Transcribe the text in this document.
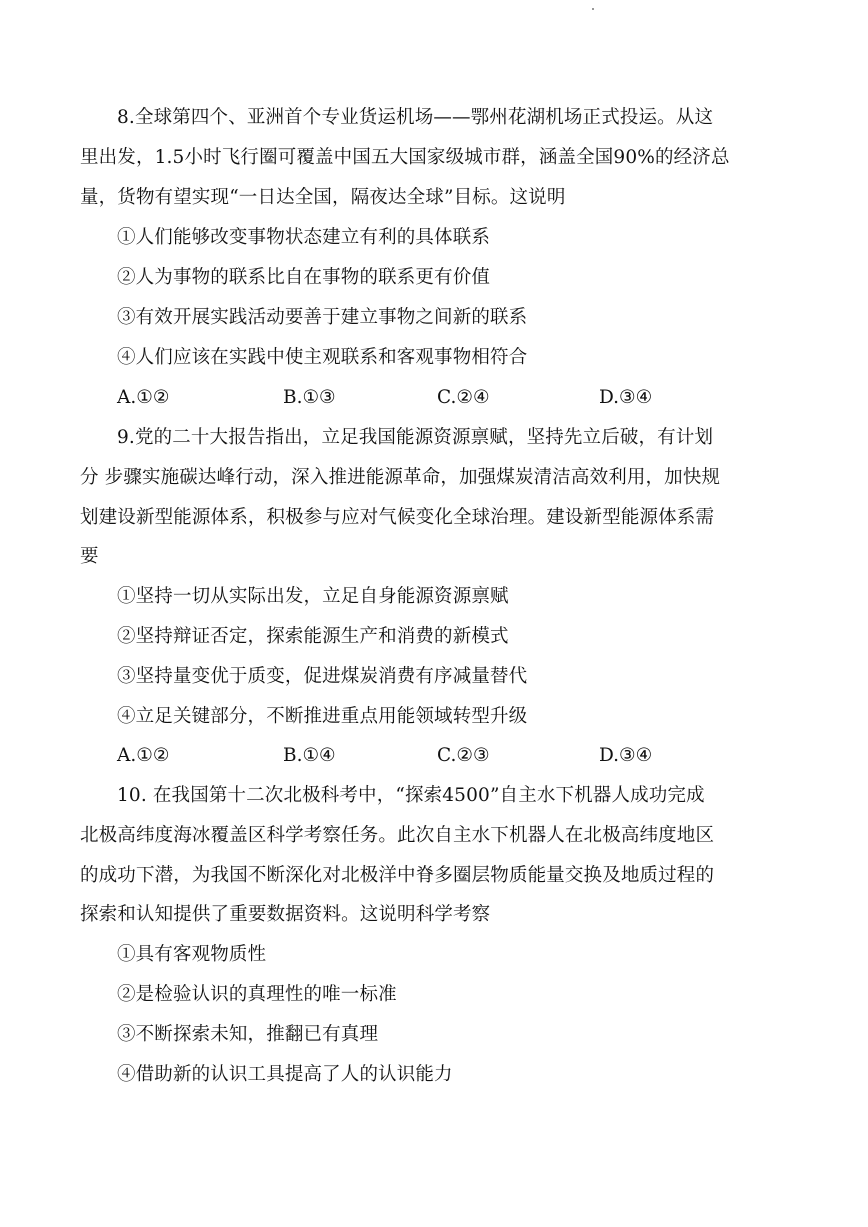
8.全球第四个、亚洲首个专业货运机场——鄂州花湖机场正式投运。从这
里出发，1.5小时飞行圈可覆盖中国五大国家级城市群，涵盖全国90%的经济总
量，货物有望实现“一日达全国，隔夜达全球”目标。这说明
①人们能够改变事物状态建立有利的具体联系
②人为事物的联系比自在事物的联系更有价值
③有效开展实践活动要善于建立事物之间新的联系
④人们应该在实践中使主观联系和客观事物相符合
A.①②	B.①③	C.②④	D.③④
9.党的二十大报告指出，立足我国能源资源禀赋，坚持先立后破，有计划
分 步骤实施碳达峰行动，深入推进能源革命，加强煤炭清洁高效利用，加快规
划建设新型能源体系，积极参与应对气候变化全球治理。建设新型能源体系需
要
①坚持一切从实际出发，立足自身能源资源禀赋
②坚持辩证否定，探索能源生产和消费的新模式
③坚持量变优于质变，促进煤炭消费有序减量替代
④立足关键部分，不断推进重点用能领域转型升级
A.①②	B.①④	C.②③	D.③④
10. 在我国第十二次北极科考中，“探索4500”自主水下机器人成功完成
北极高纬度海冰覆盖区科学考察任务。此次自主水下机器人在北极高纬度地区
的成功下潜，为我国不断深化对北极洋中脊多圈层物质能量交换及地质过程的
探索和认知提供了重要数据资料。这说明科学考察
①具有客观物质性
②是检验认识的真理性的唯一标准
③不断探索未知，推翻已有真理
④借助新的认识工具提高了人的认识能力
